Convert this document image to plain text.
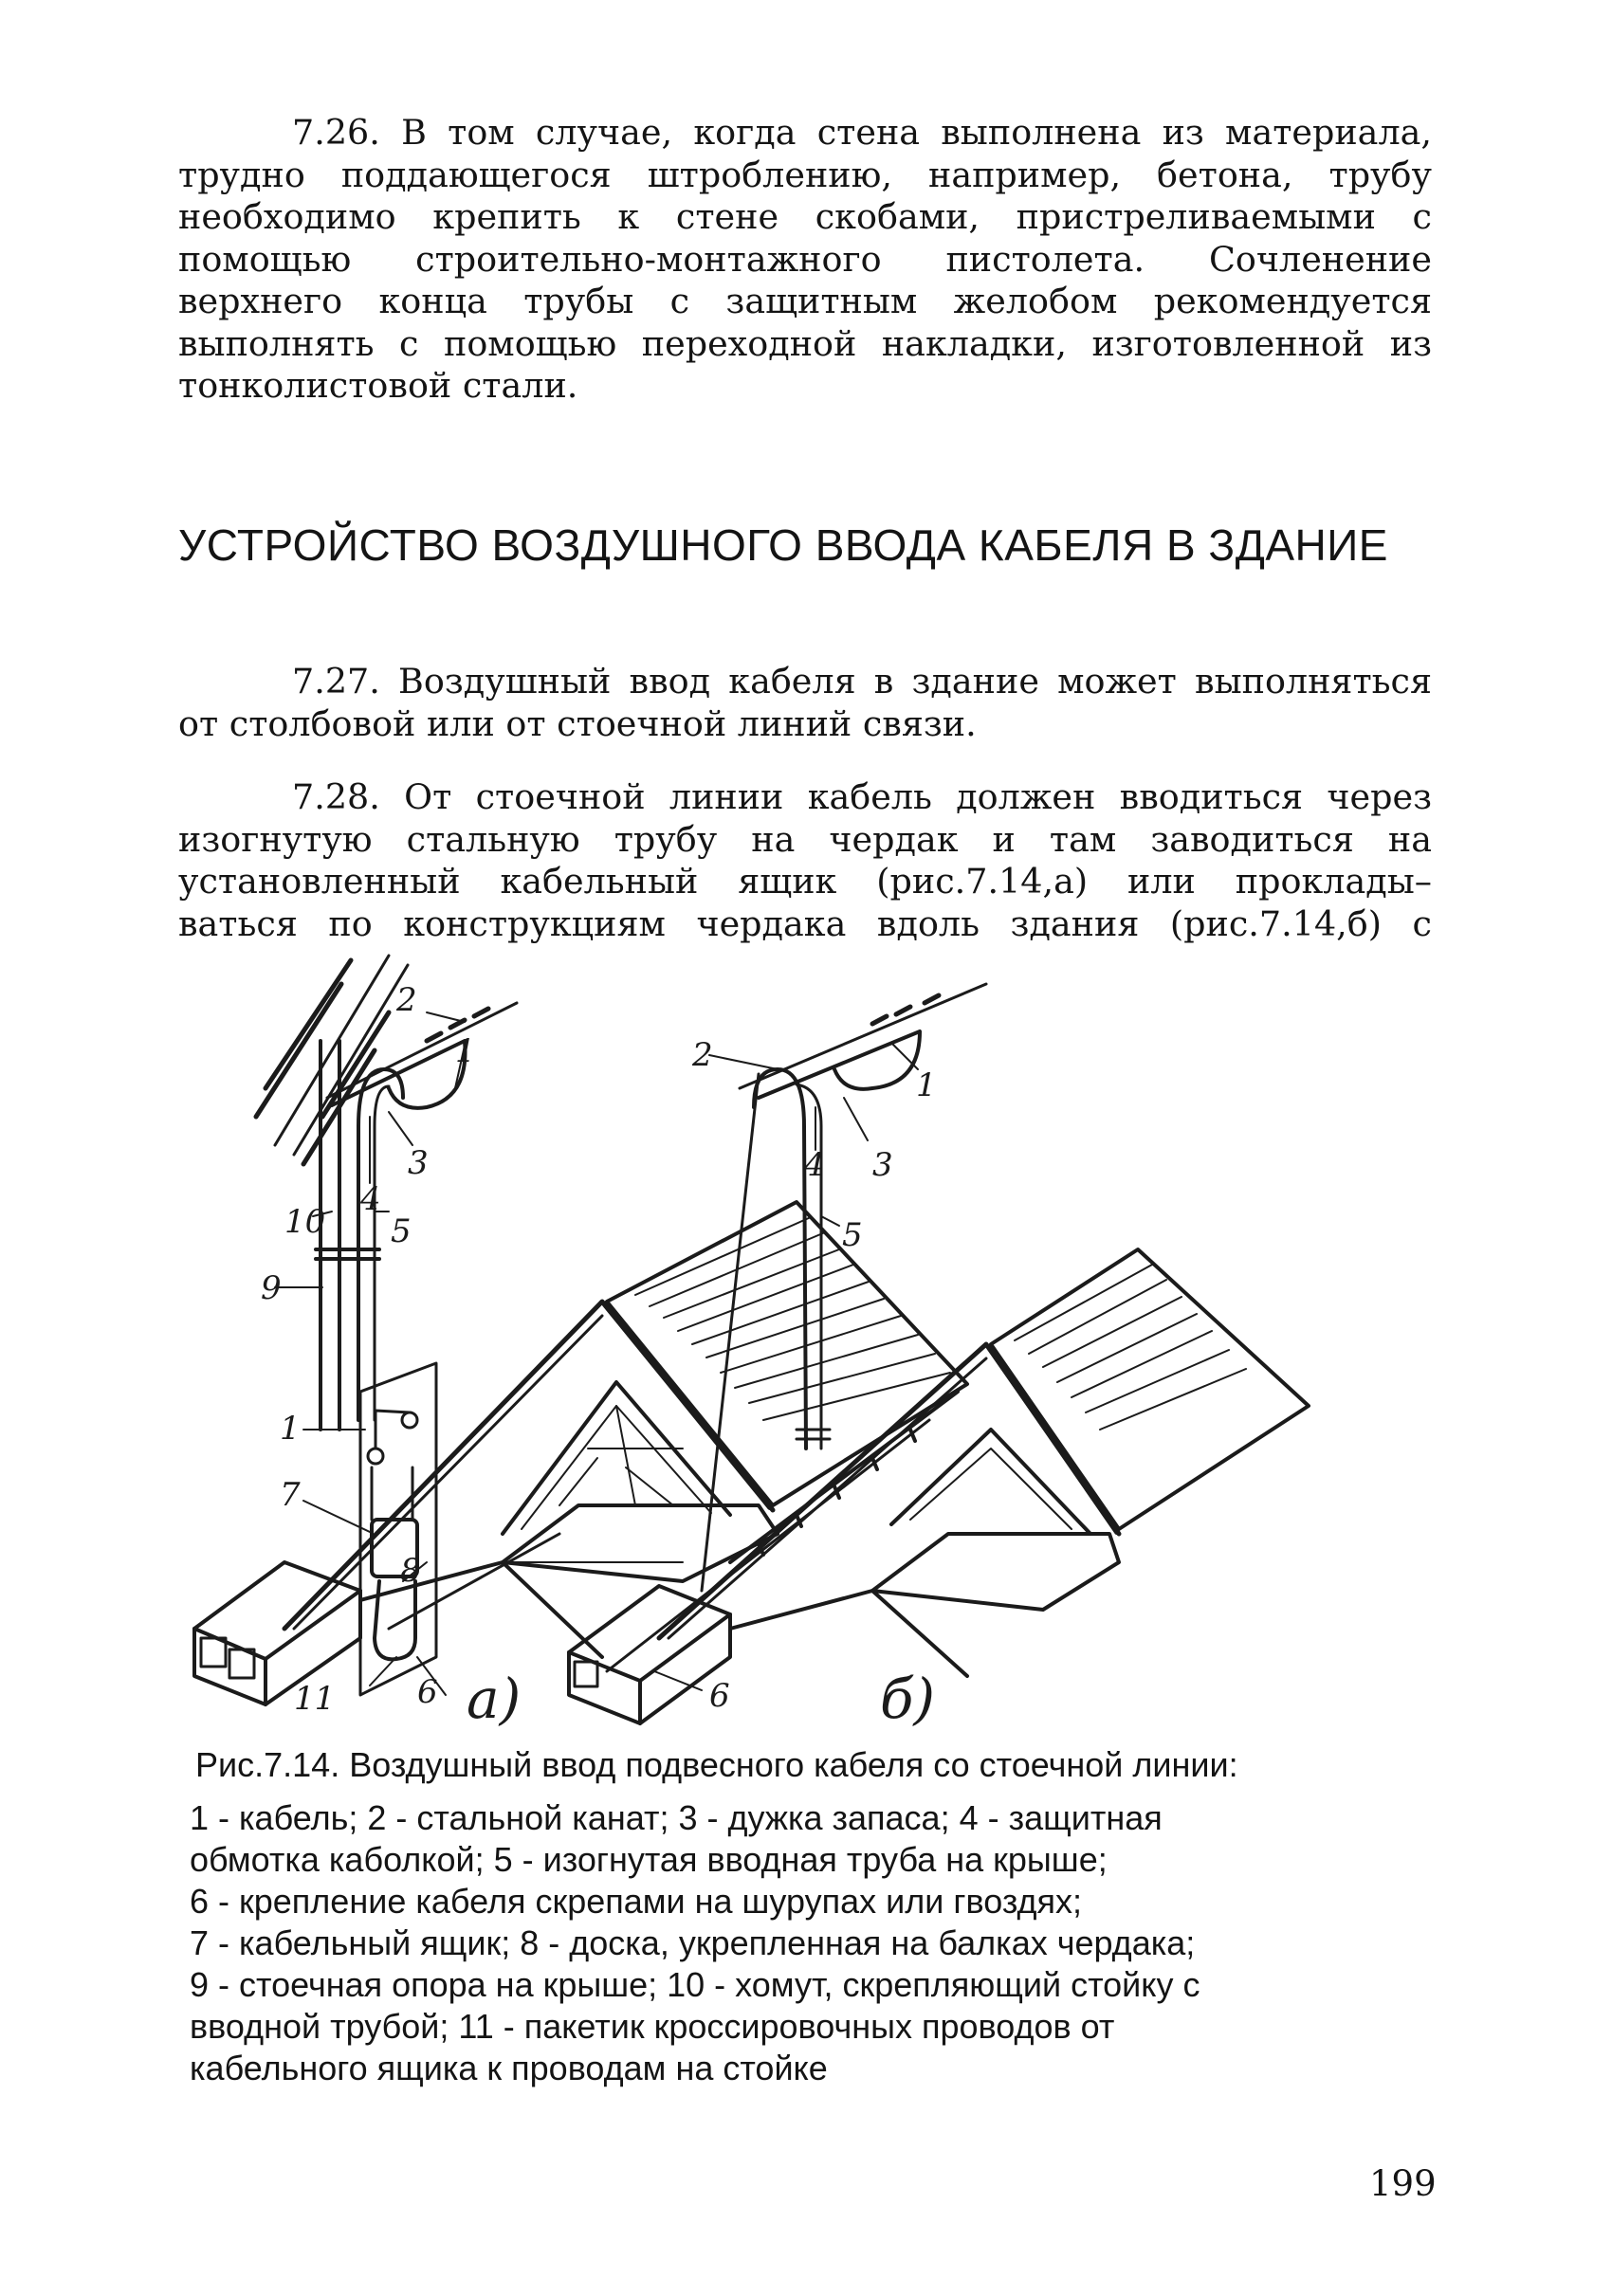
7.26. В том случае, когда стена выполнена из материала,
трудно поддающегося штроблению, например, бетона, трубу
необходимо крепить к стене скобами, пристреливаемыми с
помощью строительно-монтажного пистолета. Сочленение
верхнего конца трубы с защитным желобом рекомендуется
выполнять с помощью переходной накладки, изготовленной из
тонколистовой стали.
УСТРОЙСТВО ВОЗДУШНОГО ВВОДА КАБЕЛЯ В ЗДАНИЕ
7.27. Воздушный ввод кабеля в здание может выполняться
от столбовой или от стоечной линий связи.
7.28. От стоечной линии кабель должен вводиться через
изогнутую стальную трубу на чердак и там заводиться на
установленный кабельный ящик (рис.7.14,а) или проклады–
ваться по конструкциям чердака вдоль здания (рис.7.14,б) с
2
1
3
4
10 5
9
1
7
8
11	6 а)
2
1
4 3
5
6	б)
Рис.7.14. Воздушный ввод подвесного кабеля со стоечной линии:
1 - кабель; 2 - стальной канат; 3 - дужка запаса; 4 - защитная
обмотка каболкой; 5 - изогнутая вводная труба на крыше;
6 - крепление кабеля скрепами на шурупах или гвоздях;
7 - кабельный ящик; 8 - доска, укрепленная на балках чердака;
9 - стоечная опора на крыше; 10 - хомут, скрепляющий стойку с
вводной трубой; 11 - пакетик кроссировочных проводов от
кабельного ящика к проводам на стойке
199
